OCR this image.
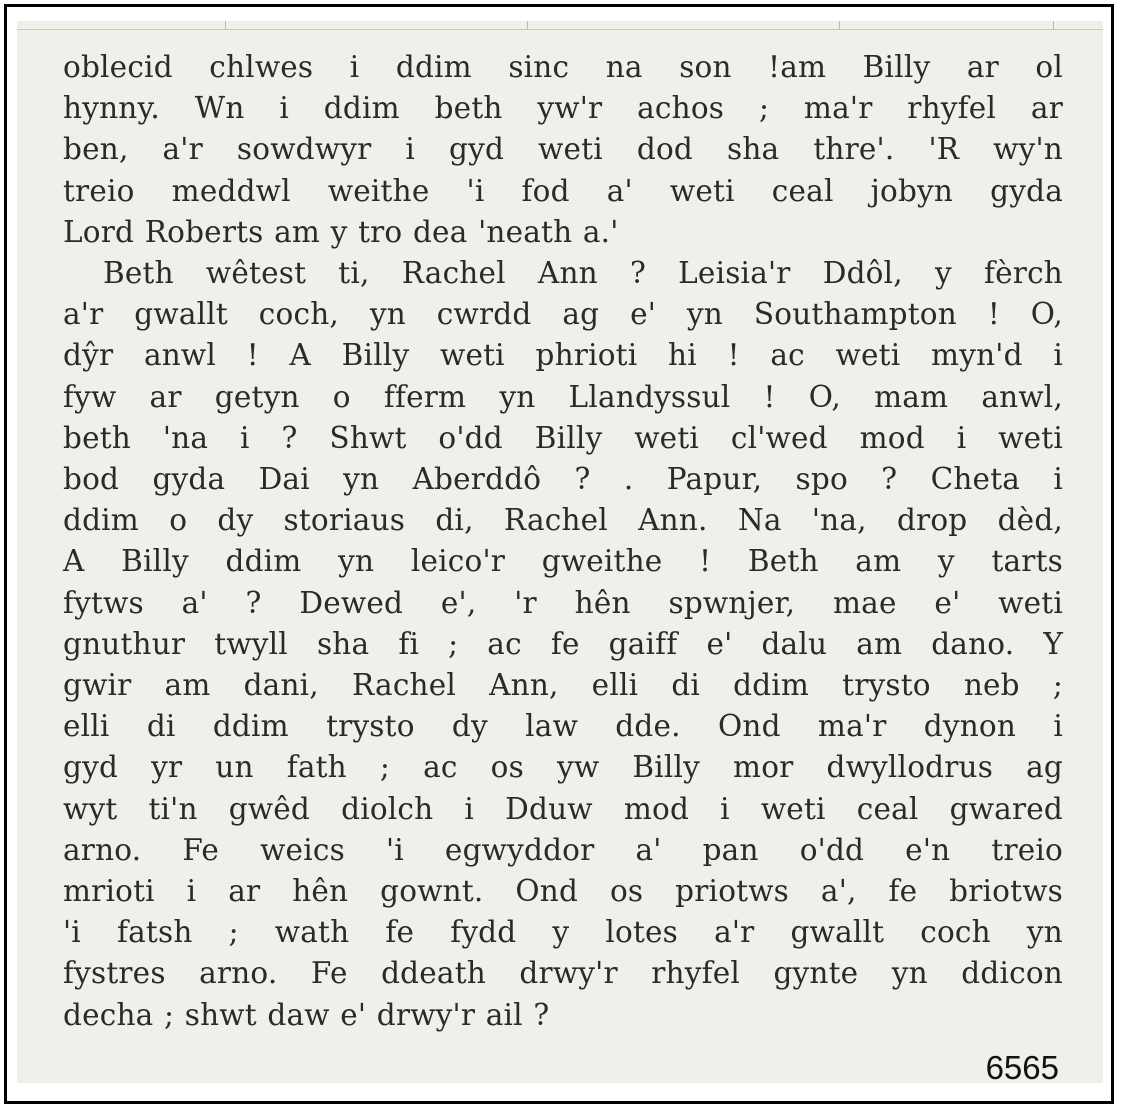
oblecid chlwes i ddim sinc na son !am Billy ar ol
hynny. Wn i ddim beth yw'r achos ; ma'r rhyfel ar
ben, a'r sowdwyr i gyd weti dod sha thre'. 'R wy'n
treio meddwl weithe 'i fod a' weti ceal jobyn gyda
Lord Roberts am y tro dea 'neath a.'
Beth wêtest ti, Rachel Ann ? Leisia'r Ddôl, y fèrch
a'r gwallt coch, yn cwrdd ag e' yn Southampton ! O,
dŷr anwl ! A Billy weti phrioti hi ! ac weti myn'd i
fyw ar getyn o fferm yn Llandyssul ! O, mam anwl,
beth 'na i ? Shwt o'dd Billy weti cl'wed mod i weti
bod gyda Dai yn Aberddô ? . Papur, spo ? Cheta i
ddim o dy storiaus di, Rachel Ann. Na 'na, drop dèd,
A Billy ddim yn leico'r gweithe ! Beth am y tarts
fytws a' ? Dewed e', 'r hên spwnjer, mae e' weti
gnuthur twyll sha fi ; ac fe gaiff e' dalu am dano. Y
gwir am dani, Rachel Ann, elli di ddim trysto neb ;
elli di ddim trysto dy law dde. Ond ma'r dynon i
gyd yr un fath ; ac os yw Billy mor dwyllodrus ag
wyt ti'n gwêd diolch i Dduw mod i weti ceal gwared
arno. Fe weics 'i egwyddor a' pan o'dd e'n treio
mrioti i ar hên gownt. Ond os priotws a', fe briotws
'i fatsh ; wath fe fydd y lotes a'r gwallt coch yn
fystres arno. Fe ddeath drwy'r rhyfel gynte yn ddicon
decha ; shwt daw e' drwy'r ail ?
6565
